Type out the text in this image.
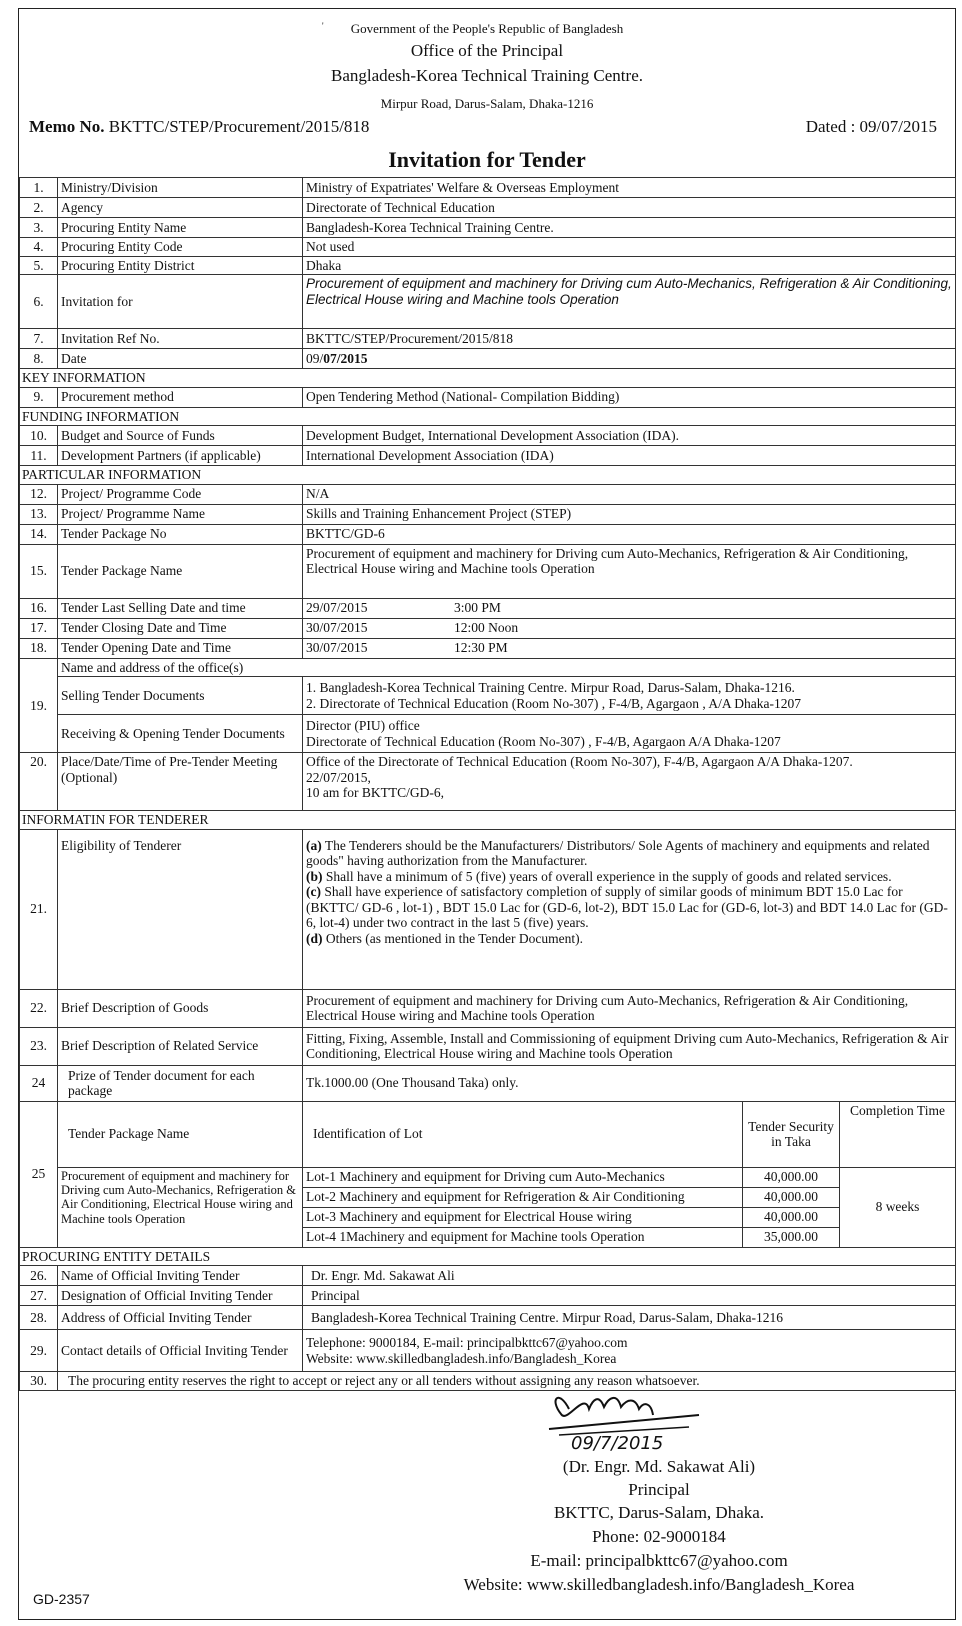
'	Government of the People's Republic of Bangladesh
Office of the Principal
Bangladesh-Korea Technical Training Centre.
Mirpur Road, Darus-Salam, Dhaka-1216
Memo No. BKTTC/STEP/Procurement/2015/818	Dated : 09/07/2015
Invitation for Tender
1.	Ministry/Division	Ministry of Expatriates' Welfare & Overseas Employment		
2.	Agency	Directorate of Technical Education		
3.	Procuring Entity Name	Bangladesh-Korea Technical Training Centre.		
4.	Procuring Entity Code	Not used		
5.	Procuring Entity District	Dhaka		
6.	Invitation for	Procurement of equipment and machinery for Driving cum Auto-Mechanics, Refrigeration & Air Conditioning, Electrical House wiring and Machine tools Operation		
7.	Invitation Ref No.	BKTTC/STEP/Procurement/2015/818		
8.	Date	09/07/2015		
KEY INFORMATION				
9.	Procurement method	Open Tendering Method (National- Compilation Bidding)		
FUNDING INFORMATION				
10.	Budget and Source of Funds	Development Budget, International Development Association (IDA).		
11.	Development Partners (if applicable)	International Development Association (IDA)		
PARTICULAR INFORMATION				
12.	Project/ Programme Code	N/A		
13.	Project/ Programme Name	Skills and Training Enhancement Project (STEP)		
14.	Tender Package No	BKTTC/GD-6		
15.	Tender Package Name	Procurement of equipment and machinery for Driving cum Auto-Mechanics, Refrigeration & Air Conditioning, Electrical House wiring and Machine tools Operation		
16.	Tender Last Selling Date and time	29/07/2015 3:00 PM		
17.	Tender Closing Date and Time	30/07/2015 12:00 Noon		
18.	Tender Opening Date and Time	30/07/2015 12:30 PM		
19.	Name and address of the office(s)			
	Selling Tender Documents	1. Bangladesh-Korea Technical Training Centre. Mirpur Road, Darus-Salam, Dhaka-1216.
2. Directorate of Technical Education (Room No-307) , F-4/B, Agargaon , A/A Dhaka-1207		

	Receiving & Opening Tender Documents	Director (PIU) office
Directorate of Technical Education (Room No-307) , F-4/B, Agargaon A/A Dhaka-1207		

20.	Place/Date/Time of Pre-Tender Meeting (Optional)	Office of the Directorate of Technical Education (Room No-307), F-4/B, Agargaon A/A Dhaka-1207.
22/07/2015,
10 am for BKTTC/GD-6,		

INFORMATIN FOR TENDERER				
21.	Eligibility of Tenderer	(a) The Tenderers should be the Manufacturers/ Distributors/ Sole Agents of machinery and equipments and related goods" having authorization from the Manufacturer.

(b) Shall have a minimum of 5 (five) years of overall experience in the supply of goods and related services.

(c) Shall have experience of satisfactory completion of supply of similar goods of minimum BDT 15.0 Lac for (BKTTC/ GD-6 , lot-1) , BDT 15.0 Lac for (GD-6, lot-2), BDT 15.0 Lac for (GD-6, lot-3) and BDT 14.0 Lac for (GD-6, lot-4) under two contract in the last 5 (five) years.

(d) Others (as mentioned in the Tender Document).		

22.	Brief Description of Goods	Procurement of equipment and machinery for Driving cum Auto-Mechanics, Refrigeration & Air Conditioning, Electrical House wiring and Machine tools Operation		
23.	Brief Description of Related Service	Fitting, Fixing, Assemble, Install and Commissioning of equipment Driving cum Auto-Mechanics, Refrigeration & Air Conditioning, Electrical House wiring and Machine tools Operation		
24	Prize of Tender document for each package	Tk.1000.00 (One Thousand Taka) only.		
25	Tender Package Name	Identification of Lot	Tender Security in Taka	Completion Time
	Procurement of equipment and machinery for Driving cum Auto-Mechanics, Refrigeration & Air Conditioning, Electrical House wiring and Machine tools Operation	Lot-1 Machinery and equipment for Driving cum Auto-Mechanics	40,000.00	8 weeks
		Lot-2 Machinery and equipment for Refrigeration & Air Conditioning	40,000.00	
		Lot-3 Machinery and equipment for Electrical House wiring	40,000.00	
		Lot-4 1Machinery and equipment for Machine tools Operation	35,000.00	
PROCURING ENTITY DETAILS				
26.	Name of Official Inviting Tender	Dr. Engr. Md. Sakawat Ali		
27.	Designation of Official Inviting Tender	Principal		
28.	Address of Official Inviting Tender	Bangladesh-Korea Technical Training Centre. Mirpur Road, Darus-Salam, Dhaka-1216		
29.	Contact details of Official Inviting Tender	Telephone: 9000184, E-mail: principalbkttc67@yahoo.com
Website: www.skilledbangladesh.info/Bangladesh_Korea		

30.	The procuring entity reserves the right to accept or reject any or all tenders without assigning any reason whatsoever.			
09/7/2015
(Dr. Engr. Md. Sakawat Ali)
Principal
BKTTC, Darus-Salam, Dhaka.
Phone: 02-9000184
E-mail: principalbkttc67@yahoo.com
Website: www.skilledbangladesh.info/Bangladesh_Korea
GD-2357
